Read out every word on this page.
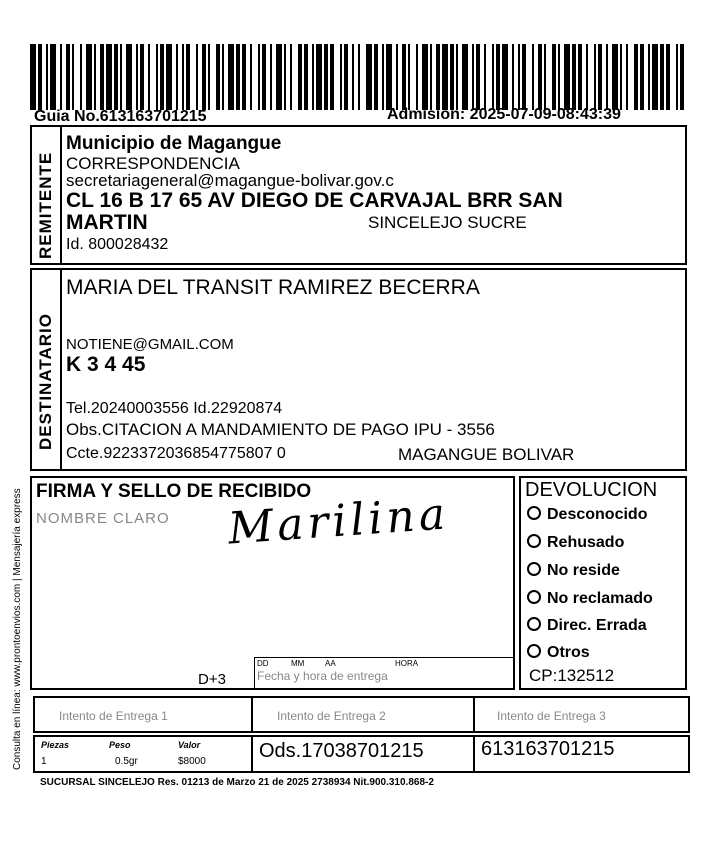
Guia No.613163701215	Admisión: 2025-07-09-08:43:39
Consulta en línea: www.prontoenvios.com | Mensajería express
REMITENTE
Municipio de Magangue
CORRESPONDENCIA
secretariageneral@magangue-bolivar.gov.c
CL 16 B 17 65 AV DIEGO DE CARVAJAL BRR SAN
MARTIN	SINCELEJO SUCRE
Id. 800028432
DESTINATARIO
MARIA DEL TRANSIT RAMIREZ BECERRA
NOTIENE@GMAIL.COM
K 3 4 45
Tel.20240003556 Id.22920874
Obs.CITACION A MANDAMIENTO DE PAGO IPU - 3556
Ccte.9223372036854775807 0	MAGANGUE BOLIVAR
FIRMA Y SELLO DE RECIBIDO
NOMBRE CLARO Marilina
D+3
DD	MM	AA	HORA
Fecha y hora de entrega
DEVOLUCION
Desconocido
Rehusado
No reside
No reclamado
Direc. Errada
Otros
CP:132512
Intento de Entrega 1	Intento de Entrega 2	Intento de Entrega 3
Piezas	Peso	Valor
1	0.5gr	$8000	Ods.17038701215	613163701215
SUCURSAL SINCELEJO Res. 01213 de Marzo 21 de 2025 2738934 Nit.900.310.868-2
